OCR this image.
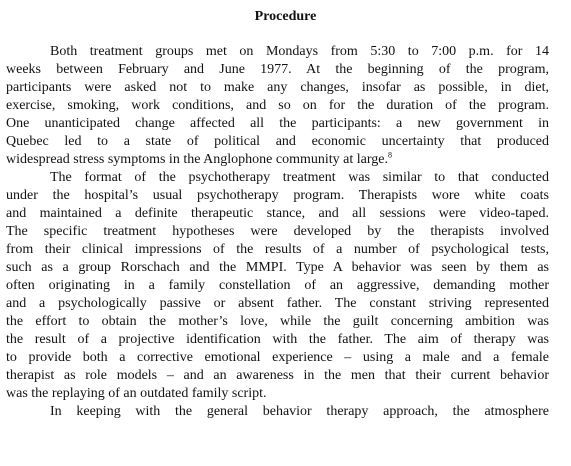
Procedure
Both treatment groups met on Mondays from 5:30 to 7:00 p.m. for 14
weeks between February and June 1977. At the beginning of the program,
participants were asked not to make any changes, insofar as possible, in diet,
exercise, smoking, work conditions, and so on for the duration of the program.
One unanticipated change affected all the participants: a new government in
Quebec led to a state of political and economic uncertainty that produced
widespread stress symptoms in the Anglophone community at large.$^8$
The format of the psychotherapy treatment was similar to that conducted
under the hospital’s usual psychotherapy program. Therapists wore white coats
and maintained a definite therapeutic stance, and all sessions were video-taped.
The specific treatment hypotheses were developed by the therapists involved
from their clinical impressions of the results of a number of psychological tests,
such as a group Rorschach and the MMPI. Type A behavior was seen by them as
often originating in a family constellation of an aggressive, demanding mother
and a psychologically passive or absent father. The constant striving represented
the effort to obtain the mother’s love, while the guilt concerning ambition was
the result of a projective identification with the father. The aim of therapy was
to provide both a corrective emotional experience – using a male and a female
therapist as role models – and an awareness in the men that their current behavior
was the replaying of an outdated family script.
In keeping with the general behavior therapy approach, the atmosphere
